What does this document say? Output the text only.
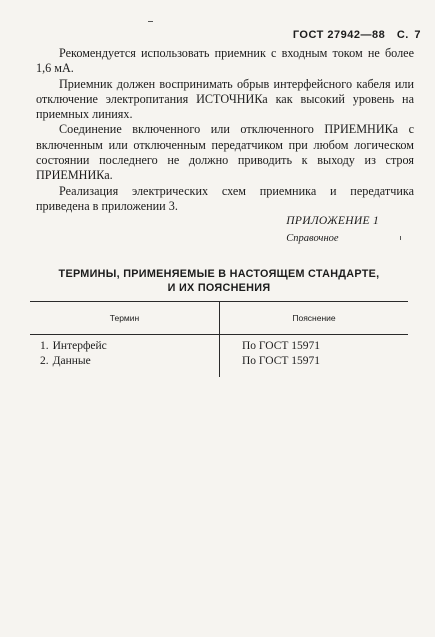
ГОСТ 27942—88 С. 7

Рекомендуется использовать приемник с входным током не более 1,6 мА.

Приемник должен воспринимать обрыв интерфейсного кабеля или отключение электропитания ИСТОЧНИКа как высокий уровень на приемных линиях.

Соединение включенного или отключенного ПРИЕМНИКа с включенным или отключенным передатчиком при любом логическом состоянии последнего не должно приводить к выходу из строя ПРИЕМНИКа.

Реализация электрических схем приемника и передатчика приведена в приложении 3.

ПРИЛОЖЕНИЕ 1
Справочное
ТЕРМИНЫ, ПРИМЕНЯЕМЫЕ В НАСТОЯЩЕМ СТАНДАРТЕ,
И ИХ ПОЯСНЕНИЯ
Термин	Пояснение
1. Интерфейс	По ГОСТ 15971
2. Данные	По ГОСТ 15971
